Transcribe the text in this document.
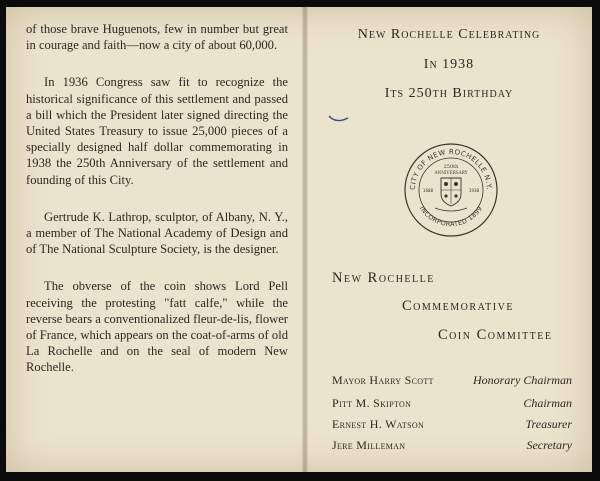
of those brave Huguenots, few in number but great in courage and faith—now a city of about 60,000.

In 1936 Congress saw fit to recognize the historical significance of this settlement and passed a bill which the President later signed directing the United States Treasury to issue 25,000 pieces of a specially designed half dollar commemorating in 1938 the 250th Anniversary of the settlement and founding of this City.

Gertrude K. Lathrop, sculptor, of Albany, N. Y., a member of The National Academy of Design and of The National Sculpture Society, is the designer.

The obverse of the coin shows Lord Pell receiving the protesting "fatt calfe," while the reverse bears a conventionalized fleur-de-lis, flower of France, which appears on the coat-of-arms of old La Rochelle and on the seal of modern New Rochelle.

New Rochelle Celebrating
In 1938
Its 250th Birthday
CITY OF NEW ROCHELLE N.Y.
250th
ANNIVERSARY
1688	1938
INCORPORATED 1899
New Rochelle
Commemorative
Coin Committee
Mayor Harry Scott	Honorary Chairman
Pitt M. Skipton	Chairman
Ernest H. Watson	Treasurer
Jere Milleman	Secretary
